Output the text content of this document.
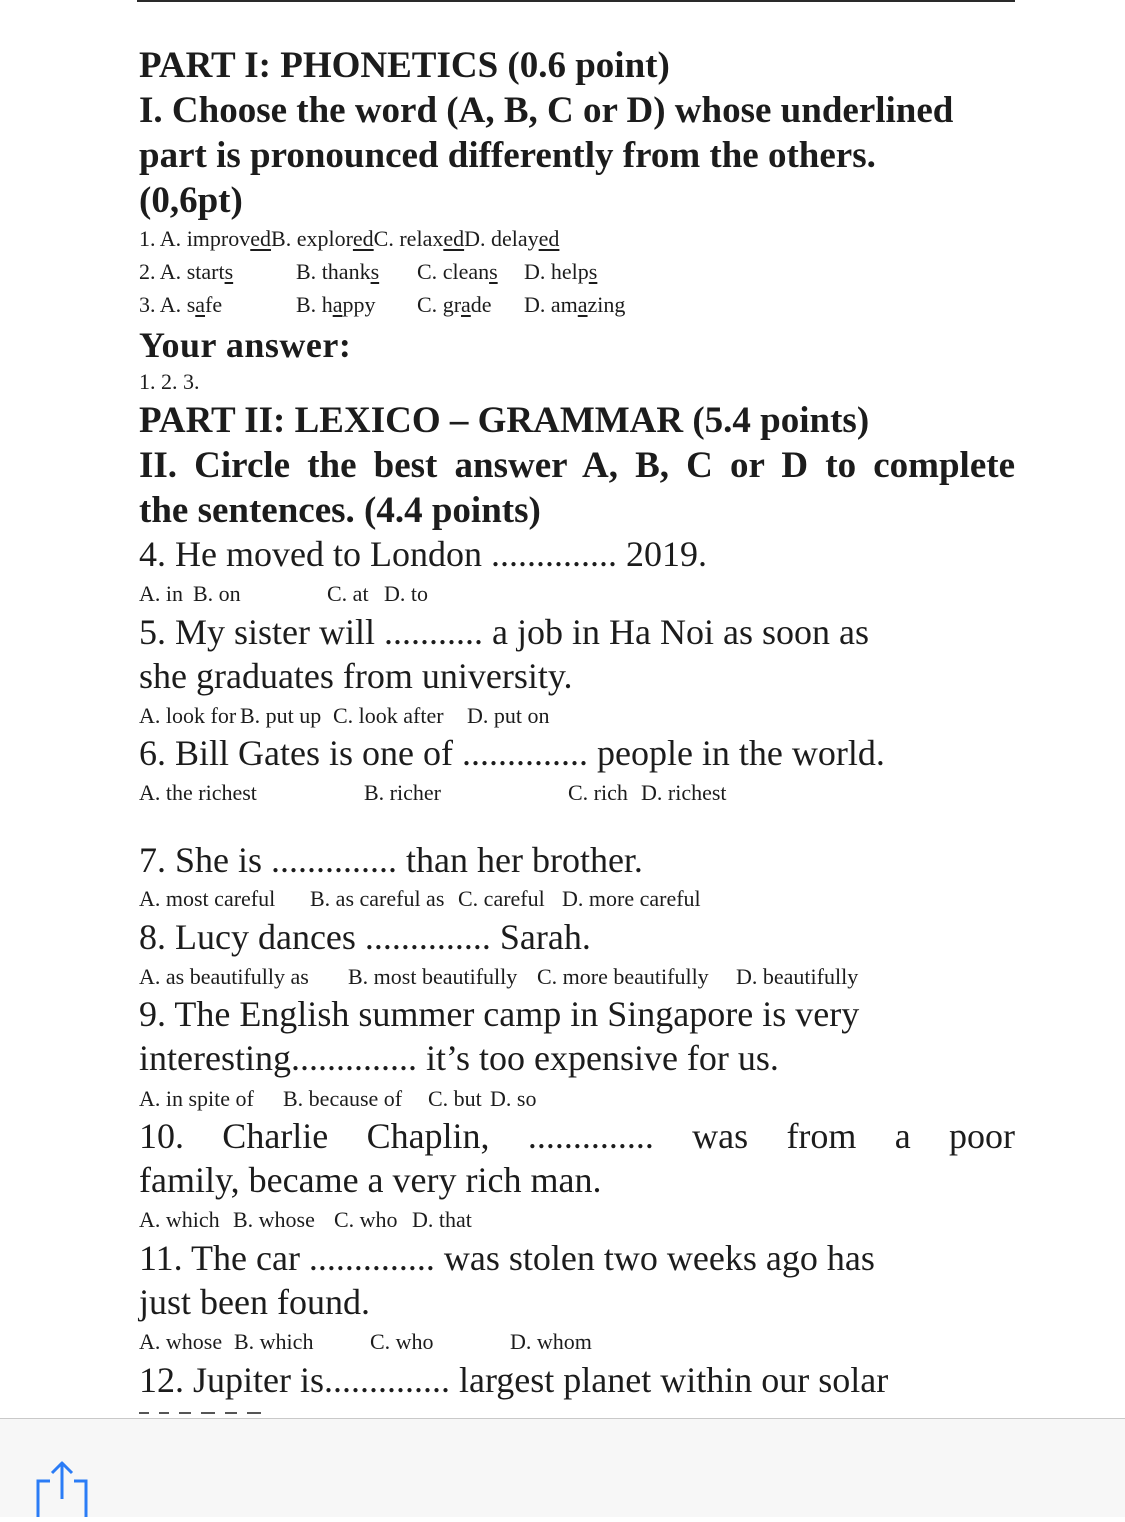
PART I: PHONETICS (0.6 point)
I. Choose the word (A, B, C or D) whose underlined
part is pronounced differently from the others.
(0,6pt)
1. A. improvedB. exploredC. relaxedD. delayed
2. A. starts	B. thanks C. cleans D. helps
3. A. safe	B. happy C. grade D. amazing
Your answer:
1. 2. 3.
PART II: LEXICO – GRAMMAR (5.4 points)
II. Circle the best answer A, B, C or D to complete
the sentences. (4.4 points)
4. He moved to London .............. 2019.
A. in B. on	C. at D. to
5. My sister will ........... a job in Ha Noi as soon as
she graduates from university.
A. look for B. put up C. look after D. put on
6. Bill Gates is one of .............. people in the world.
A. the richest	B. richer	C. rich D. richest
7. She is .............. than her brother.
A. most careful B. as careful as C. careful D. more careful
8. Lucy dances .............. Sarah.
A. as beautifully as B. most beautifully C. more beautifully D. beautifully
9. The English summer camp in Singapore is very
interesting.............. it’s too expensive for us.
A. in spite of B. because of C. but D. so
10. Charlie Chaplin, .............. was from a poor
family, became a very rich man.
A. which B. whose C. who D. that
11. The car .............. was stolen two weeks ago has
just been found.
A. whose B. which	C. who	D. whom
12. Jupiter is.............. largest planet within our solar
